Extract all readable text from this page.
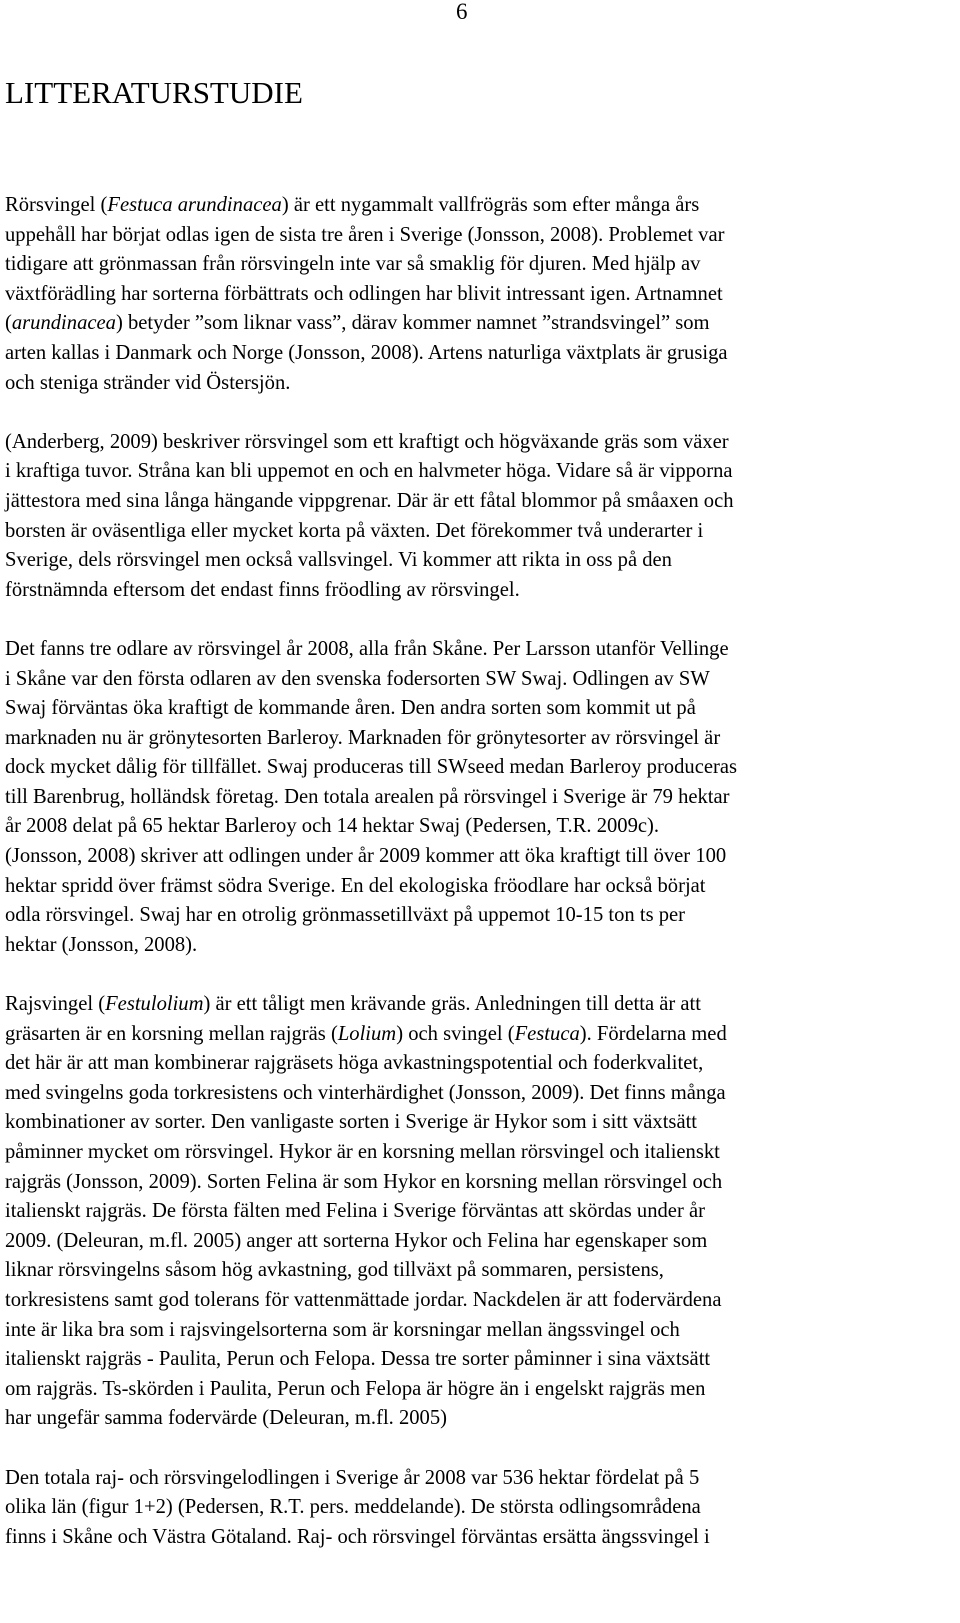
6
LITTERATURSTUDIE
Rörsvingel (Festuca arundinacea) är ett nygammalt vallfrögräs som efter många års
uppehåll har börjat odlas igen de sista tre åren i Sverige (Jonsson, 2008). Problemet var
tidigare att grönmassan från rörsvingeln inte var så smaklig för djuren. Med hjälp av
växtförädling har sorterna förbättrats och odlingen har blivit intressant igen. Artnamnet
(arundinacea) betyder ”som liknar vass”, därav kommer namnet ”strandsvingel” som
arten kallas i Danmark och Norge (Jonsson, 2008). Artens naturliga växtplats är grusiga
och steniga stränder vid Östersjön.
(Anderberg, 2009) beskriver rörsvingel som ett kraftigt och högväxande gräs som växer
i kraftiga tuvor. Stråna kan bli uppemot en och en halvmeter höga. Vidare så är vipporna
jättestora med sina långa hängande vippgrenar. Där är ett fåtal blommor på småaxen och
borsten är oväsentliga eller mycket korta på växten. Det förekommer två underarter i
Sverige, dels rörsvingel men också vallsvingel. Vi kommer att rikta in oss på den
förstnämnda eftersom det endast finns fröodling av rörsvingel.
Det fanns tre odlare av rörsvingel år 2008, alla från Skåne. Per Larsson utanför Vellinge
i Skåne var den första odlaren av den svenska fodersorten SW Swaj. Odlingen av SW
Swaj förväntas öka kraftigt de kommande åren. Den andra sorten som kommit ut på
marknaden nu är grönytesorten Barleroy. Marknaden för grönytesorter av rörsvingel är
dock mycket dålig för tillfället. Swaj produceras till SWseed medan Barleroy produceras
till Barenbrug, holländsk företag. Den totala arealen på rörsvingel i Sverige är 79 hektar
år 2008 delat på 65 hektar Barleroy och 14 hektar Swaj (Pedersen, T.R. 2009c).
(Jonsson, 2008) skriver att odlingen under år 2009 kommer att öka kraftigt till över 100
hektar spridd över främst södra Sverige. En del ekologiska fröodlare har också börjat
odla rörsvingel. Swaj har en otrolig grönmassetillväxt på uppemot 10-15 ton ts per
hektar (Jonsson, 2008).
Rajsvingel (Festulolium) är ett tåligt men krävande gräs. Anledningen till detta är att
gräsarten är en korsning mellan rajgräs (Lolium) och svingel (Festuca). Fördelarna med
det här är att man kombinerar rajgräsets höga avkastningspotential och foderkvalitet,
med svingelns goda torkresistens och vinterhärdighet (Jonsson, 2009). Det finns många
kombinationer av sorter. Den vanligaste sorten i Sverige är Hykor som i sitt växtsätt
påminner mycket om rörsvingel. Hykor är en korsning mellan rörsvingel och italienskt
rajgräs (Jonsson, 2009). Sorten Felina är som Hykor en korsning mellan rörsvingel och
italienskt rajgräs. De första fälten med Felina i Sverige förväntas att skördas under år
2009. (Deleuran, m.fl. 2005) anger att sorterna Hykor och Felina har egenskaper som
liknar rörsvingelns såsom hög avkastning, god tillväxt på sommaren, persistens,
torkresistens samt god tolerans för vattenmättade jordar. Nackdelen är att fodervärdena
inte är lika bra som i rajsvingelsorterna som är korsningar mellan ängssvingel och
italienskt rajgräs - Paulita, Perun och Felopa. Dessa tre sorter påminner i sina växtsätt
om rajgräs. Ts-skörden i Paulita, Perun och Felopa är högre än i engelskt rajgräs men
har ungefär samma fodervärde (Deleuran, m.fl. 2005)
Den totala raj- och rörsvingelodlingen i Sverige år 2008 var 536 hektar fördelat på 5
olika län (figur 1+2) (Pedersen, R.T. pers. meddelande). De största odlingsområdena
finns i Skåne och Västra Götaland. Raj- och rörsvingel förväntas ersätta ängssvingel i
